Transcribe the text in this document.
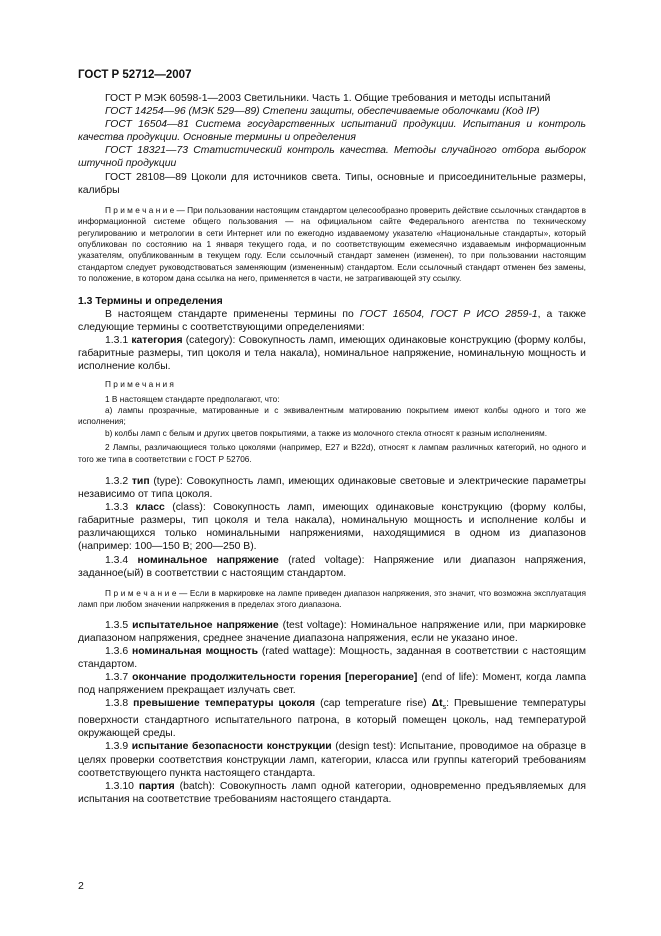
ГОСТ Р 52712—2007

ГОСТ Р МЭК 60598-1—2003 Светильники. Часть 1. Общие требования и методы испытаний

ГОСТ 14254—96 (МЭК 529—89) Степени защиты, обеспечиваемые оболочками (Код IP)

ГОСТ 16504—81 Система государственных испытаний продукции. Испытания и контроль качества продукции. Основные термины и определения

ГОСТ 18321—73 Статистический контроль качества. Методы случайного отбора выборок штучной продукции

ГОСТ 28108—89 Цоколи для источников света. Типы, основные и присоединительные размеры, калибры

П р и м е ч а н и е — При пользовании настоящим стандартом целесообразно проверить действие ссылочных стандартов в информационной системе общего пользования — на официальном сайте Федерального агентства по техническому регулированию и метрологии в сети Интернет или по ежегодно издаваемому указателю «Национальные стандарты», который опубликован по состоянию на 1 января текущего года, и по соответствующим ежемесячно издаваемым информационным указателям, опубликованным в текущем году. Если ссылочный стандарт заменен (изменен), то при пользовании настоящим стандартом следует руководствоваться заменяющим (измененным) стандартом. Если ссылочный стандарт отменен без замены, то положение, в котором дана ссылка на него, применяется в части, не затрагивающей эту ссылку.

1.3 Термины и определения

В настоящем стандарте применены термины по ГОСТ 16504, ГОСТ Р ИСО 2859-1, а также следующие термины с соответствующими определениями:

1.3.1 категория (category): Совокупность ламп, имеющих одинаковые конструкцию (форму колбы, габаритные размеры, тип цоколя и тела накала), номинальное напряжение, номинальную мощность и исполнение колбы.

П р и м е ч а н и я

1 В настоящем стандарте предполагают, что:

а) лампы прозрачные, матированные и с эквивалентным матированию покрытием имеют колбы одного и того же исполнения;

b) колбы ламп с белым и других цветов покрытиями, а также из молочного стекла относят к разным исполнениям.

2 Лампы, различающиеся только цоколями (например, Е27 и В22d), относят к лампам различных категорий, но одного и того же типа в соответствии с ГОСТ Р 52706.

1.3.2 тип (type): Совокупность ламп, имеющих одинаковые световые и электрические параметры независимо от типа цоколя.

1.3.3 класс (class): Совокупность ламп, имеющих одинаковые конструкцию (форму колбы, габаритные размеры, тип цоколя и тела накала), номинальную мощность и исполнение колбы и различающихся только номинальными напряжениями, находящимися в одном из диапазонов (например: 100—150 В; 200—250 В).

1.3.4 номинальное напряжение (rated voltage): Напряжение или диапазон напряжения, заданное(ый) в соответствии с настоящим стандартом.

П р и м е ч а н и е — Если в маркировке на лампе приведен диапазон напряжения, это значит, что возможна эксплуатация ламп при любом значении напряжения в пределах этого диапазона.

1.3.5 испытательное напряжение (test voltage): Номинальное напряжение или, при маркировке диапазоном напряжения, среднее значение диапазона напряжения, если не указано иное.

1.3.6 номинальная мощность (rated wattage): Мощность, заданная в соответствии с настоящим стандартом.

1.3.7 окончание продолжительности горения [перегорание] (end of life): Момент, когда лампа под напряжением прекращает излучать свет.

1.3.8 превышение температуры цоколя (cap temperature rise) $\Delta t_s$: Превышение температуры поверхности стандартного испытательного патрона, в который помещен цоколь, над температурой окружающей среды.

1.3.9 испытание безопасности конструкции (design test): Испытание, проводимое на образце в целях проверки соответствия конструкции ламп, категории, класса или группы категорий требованиям соответствующего пункта настоящего стандарта.

1.3.10 партия (batch): Совокупность ламп одной категории, одновременно предъявляемых для испытания на соответствие требованиям настоящего стандарта.

2
